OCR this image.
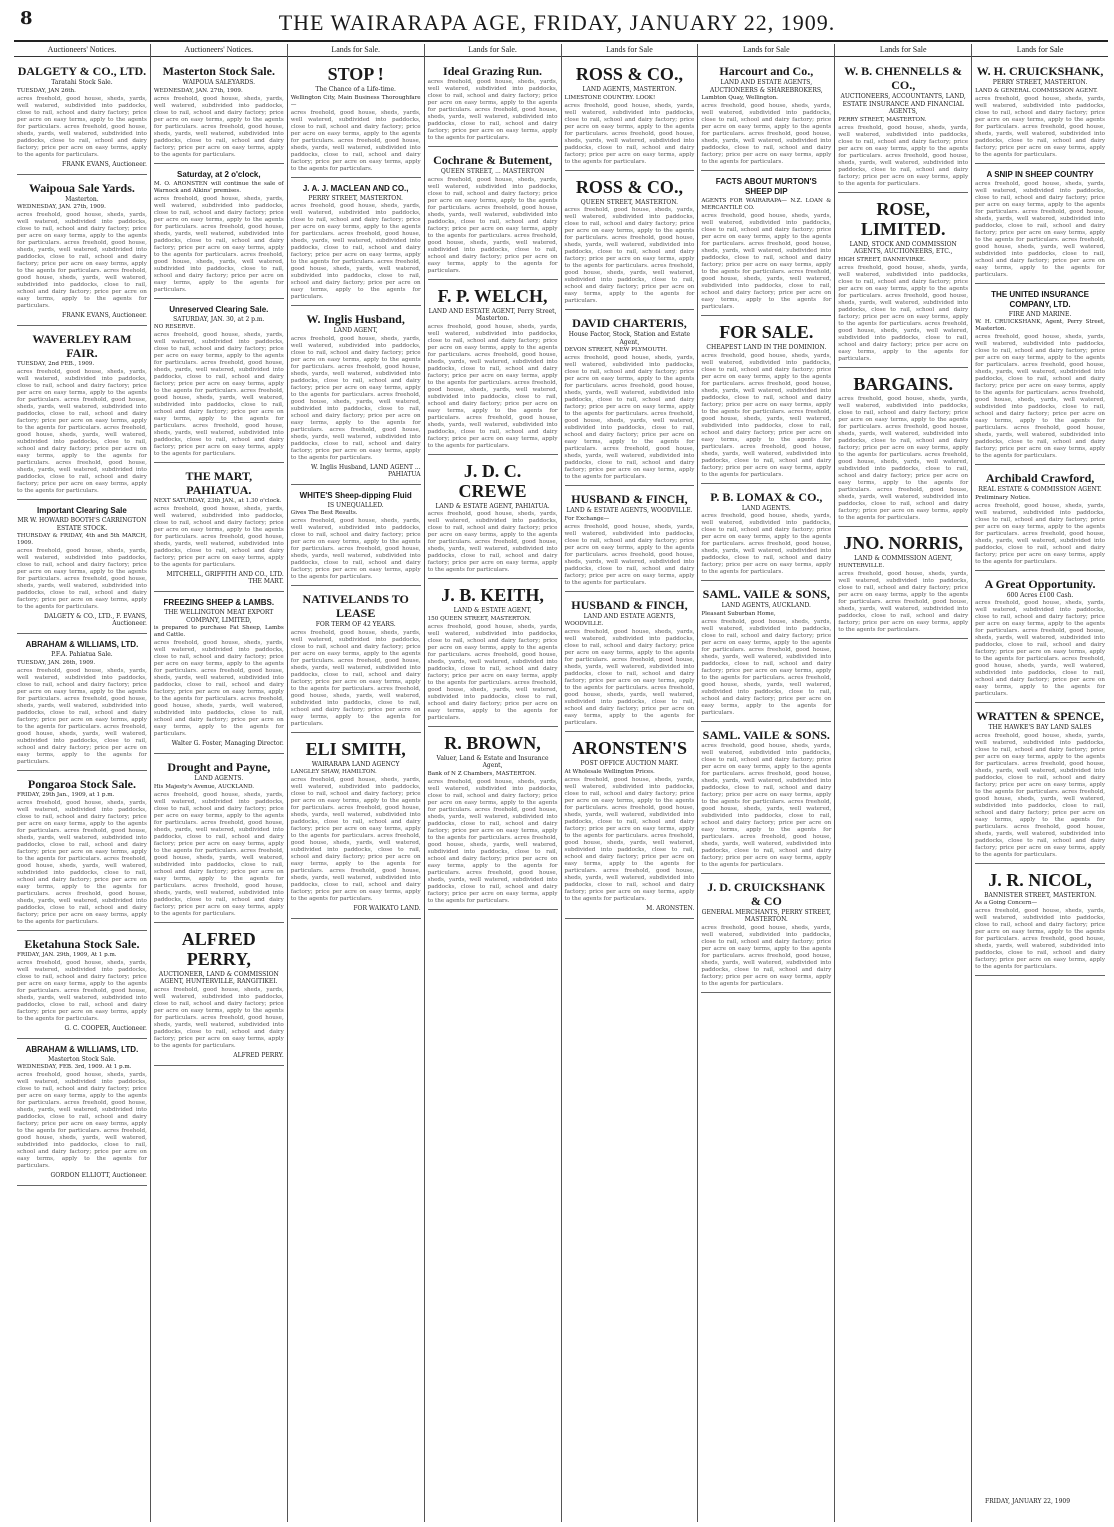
8	THE WAIRARAPA AGE, FRIDAY, JANUARY 22, 1909.
Auctioneers' Notices.
DALGETY & CO., LTD.
Taratahi Stock Sale.
TUESDAY, JAN 26th.

acres freehold, good house, sheds, yards, well watered, subdivided into paddocks, close to rail, school and dairy factory; price per acre on easy terms, apply to the agents for particulars. acres freehold, good house, sheds, yards, well watered, subdivided into paddocks, close to rail, school and dairy factory; price per acre on easy terms, apply to the agents for particulars.

FRANK EVANS, Auctioneer.
Waipoua Sale Yards.
Masterton.
WEDNESDAY, JAN. 27th, 1909.

acres freehold, good house, sheds, yards, well watered, subdivided into paddocks, close to rail, school and dairy factory; price per acre on easy terms, apply to the agents for particulars. acres freehold, good house, sheds, yards, well watered, subdivided into paddocks, close to rail, school and dairy factory; price per acre on easy terms, apply to the agents for particulars. acres freehold, good house, sheds, yards, well watered, subdivided into paddocks, close to rail, school and dairy factory; price per acre on easy terms, apply to the agents for particulars.

FRANK EVANS, Auctioneer.
WAVERLEY RAM FAIR.
TUESDAY, 2nd FEB., 1909.

acres freehold, good house, sheds, yards, well watered, subdivided into paddocks, close to rail, school and dairy factory; price per acre on easy terms, apply to the agents for particulars. acres freehold, good house, sheds, yards, well watered, subdivided into paddocks, close to rail, school and dairy factory; price per acre on easy terms, apply to the agents for particulars. acres freehold, good house, sheds, yards, well watered, subdivided into paddocks, close to rail, school and dairy factory; price per acre on easy terms, apply to the agents for particulars. acres freehold, good house, sheds, yards, well watered, subdivided into paddocks, close to rail, school and dairy factory; price per acre on easy terms, apply to the agents for particulars.

Important Clearing Sale
MR W. HOWARD BOOTH'S CARRINGTON ESTATE STOCK.
THURSDAY & FRIDAY, 4th and 5th MARCH, 1909.

acres freehold, good house, sheds, yards, well watered, subdivided into paddocks, close to rail, school and dairy factory; price per acre on easy terms, apply to the agents for particulars. acres freehold, good house, sheds, yards, well watered, subdivided into paddocks, close to rail, school and dairy factory; price per acre on easy terms, apply to the agents for particulars.

DALGETY & CO., LTD., F. EVANS, Auctioneer.
ABRAHAM & WILLIAMS, LTD.
P.F.A. Pahiatua Sale.
TUESDAY, JAN. 26th, 1909.

acres freehold, good house, sheds, yards, well watered, subdivided into paddocks, close to rail, school and dairy factory; price per acre on easy terms, apply to the agents for particulars. acres freehold, good house, sheds, yards, well watered, subdivided into paddocks, close to rail, school and dairy factory; price per acre on easy terms, apply to the agents for particulars. acres freehold, good house, sheds, yards, well watered, subdivided into paddocks, close to rail, school and dairy factory; price per acre on easy terms, apply to the agents for particulars.

Pongaroa Stock Sale.
FRIDAY, 29th Jan., 1909, at 1 p.m.

acres freehold, good house, sheds, yards, well watered, subdivided into paddocks, close to rail, school and dairy factory; price per acre on easy terms, apply to the agents for particulars. acres freehold, good house, sheds, yards, well watered, subdivided into paddocks, close to rail, school and dairy factory; price per acre on easy terms, apply to the agents for particulars. acres freehold, good house, sheds, yards, well watered, subdivided into paddocks, close to rail, school and dairy factory; price per acre on easy terms, apply to the agents for particulars. acres freehold, good house, sheds, yards, well watered, subdivided into paddocks, close to rail, school and dairy factory; price per acre on easy terms, apply to the agents for particulars.

Eketahuna Stock Sale.
FRIDAY, JAN. 29th, 1909, At 1 p.m.

acres freehold, good house, sheds, yards, well watered, subdivided into paddocks, close to rail, school and dairy factory; price per acre on easy terms, apply to the agents for particulars. acres freehold, good house, sheds, yards, well watered, subdivided into paddocks, close to rail, school and dairy factory; price per acre on easy terms, apply to the agents for particulars.

G. C. COOPER, Auctioneer.
ABRAHAM & WILLIAMS, LTD.
Masterton Stock Sale.
WEDNESDAY, FEB. 3rd, 1909. At 1 p.m.

acres freehold, good house, sheds, yards, well watered, subdivided into paddocks, close to rail, school and dairy factory; price per acre on easy terms, apply to the agents for particulars. acres freehold, good house, sheds, yards, well watered, subdivided into paddocks, close to rail, school and dairy factory; price per acre on easy terms, apply to the agents for particulars. acres freehold, good house, sheds, yards, well watered, subdivided into paddocks, close to rail, school and dairy factory; price per acre on easy terms, apply to the agents for particulars.

GORDON ELLIOTT, Auctioneer.
Auctioneers' Notices.
Masterton Stock Sale.
WAIPOUA SALEYARDS.
WEDNESDAY, JAN. 27th, 1909.

acres freehold, good house, sheds, yards, well watered, subdivided into paddocks, close to rail, school and dairy factory; price per acre on easy terms, apply to the agents for particulars. acres freehold, good house, sheds, yards, well watered, subdivided into paddocks, close to rail, school and dairy factory; price per acre on easy terms, apply to the agents for particulars.

Saturday, at 2 o'clock,
M. O. ARONSTEN will continue the sale of Warnock and Alkins' premises.

acres freehold, good house, sheds, yards, well watered, subdivided into paddocks, close to rail, school and dairy factory; price per acre on easy terms, apply to the agents for particulars. acres freehold, good house, sheds, yards, well watered, subdivided into paddocks, close to rail, school and dairy factory; price per acre on easy terms, apply to the agents for particulars. acres freehold, good house, sheds, yards, well watered, subdivided into paddocks, close to rail, school and dairy factory; price per acre on easy terms, apply to the agents for particulars.

Unreserved Clearing Sale.
SATURDAY, JAN. 30, at 2 p.m.
NO RESERVE.

acres freehold, good house, sheds, yards, well watered, subdivided into paddocks, close to rail, school and dairy factory; price per acre on easy terms, apply to the agents for particulars. acres freehold, good house, sheds, yards, well watered, subdivided into paddocks, close to rail, school and dairy factory; price per acre on easy terms, apply to the agents for particulars. acres freehold, good house, sheds, yards, well watered, subdivided into paddocks, close to rail, school and dairy factory; price per acre on easy terms, apply to the agents for particulars. acres freehold, good house, sheds, yards, well watered, subdivided into paddocks, close to rail, school and dairy factory; price per acre on easy terms, apply to the agents for particulars.

THE MART, PAHIATUA.
NEXT SATURDAY, 23th JAN., at 1.30 o'clock.

acres freehold, good house, sheds, yards, well watered, subdivided into paddocks, close to rail, school and dairy factory; price per acre on easy terms, apply to the agents for particulars. acres freehold, good house, sheds, yards, well watered, subdivided into paddocks, close to rail, school and dairy factory; price per acre on easy terms, apply to the agents for particulars.

MITCHELL, GRIFFITH AND CO., LTD. THE MART.
FREEZING SHEEP & LAMBS.
THE WELLINGTON MEAT EXPORT COMPANY, LIMITED,
is prepared to purchase Fat Sheep, Lambs and Cattle.

acres freehold, good house, sheds, yards, well watered, subdivided into paddocks, close to rail, school and dairy factory; price per acre on easy terms, apply to the agents for particulars. acres freehold, good house, sheds, yards, well watered, subdivided into paddocks, close to rail, school and dairy factory; price per acre on easy terms, apply to the agents for particulars. acres freehold, good house, sheds, yards, well watered, subdivided into paddocks, close to rail, school and dairy factory; price per acre on easy terms, apply to the agents for particulars.

Walter G. Foster, Managing Director.
Drought and Payne,
LAND AGENTS.
His Majesty's Avenue, AUCKLAND.

acres freehold, good house, sheds, yards, well watered, subdivided into paddocks, close to rail, school and dairy factory; price per acre on easy terms, apply to the agents for particulars. acres freehold, good house, sheds, yards, well watered, subdivided into paddocks, close to rail, school and dairy factory; price per acre on easy terms, apply to the agents for particulars. acres freehold, good house, sheds, yards, well watered, subdivided into paddocks, close to rail, school and dairy factory; price per acre on easy terms, apply to the agents for particulars. acres freehold, good house, sheds, yards, well watered, subdivided into paddocks, close to rail, school and dairy factory; price per acre on easy terms, apply to the agents for particulars.

ALFRED PERRY,
AUCTIONEER, LAND & COMMISSION AGENT, HUNTERVILLE, RANGITIKEI.

acres freehold, good house, sheds, yards, well watered, subdivided into paddocks, close to rail, school and dairy factory; price per acre on easy terms, apply to the agents for particulars. acres freehold, good house, sheds, yards, well watered, subdivided into paddocks, close to rail, school and dairy factory; price per acre on easy terms, apply to the agents for particulars.

ALFRED PERRY.
Lands for Sale.
STOP !
The Chance of a Life-time.
Wellington City, Main Business Thoroughfare—

acres freehold, good house, sheds, yards, well watered, subdivided into paddocks, close to rail, school and dairy factory; price per acre on easy terms, apply to the agents for particulars. acres freehold, good house, sheds, yards, well watered, subdivided into paddocks, close to rail, school and dairy factory; price per acre on easy terms, apply to the agents for particulars.

J. A. J. MACLEAN AND CO.,
PERRY STREET, MASTERTON.

acres freehold, good house, sheds, yards, well watered, subdivided into paddocks, close to rail, school and dairy factory; price per acre on easy terms, apply to the agents for particulars. acres freehold, good house, sheds, yards, well watered, subdivided into paddocks, close to rail, school and dairy factory; price per acre on easy terms, apply to the agents for particulars. acres freehold, good house, sheds, yards, well watered, subdivided into paddocks, close to rail, school and dairy factory; price per acre on easy terms, apply to the agents for particulars.

W. Inglis Husband,
LAND AGENT,

acres freehold, good house, sheds, yards, well watered, subdivided into paddocks, close to rail, school and dairy factory; price per acre on easy terms, apply to the agents for particulars. acres freehold, good house, sheds, yards, well watered, subdivided into paddocks, close to rail, school and dairy factory; price per acre on easy terms, apply to the agents for particulars. acres freehold, good house, sheds, yards, well watered, subdivided into paddocks, close to rail, school and dairy factory; price per acre on easy terms, apply to the agents for particulars. acres freehold, good house, sheds, yards, well watered, subdivided into paddocks, close to rail, school and dairy factory; price per acre on easy terms, apply to the agents for particulars.

W. Inglis Husband, LAND AGENT ... PAHIATUA
WHITE'S Sheep-dipping Fluid
IS UNEQUALLED.
Gives The Best Results.

acres freehold, good house, sheds, yards, well watered, subdivided into paddocks, close to rail, school and dairy factory; price per acre on easy terms, apply to the agents for particulars. acres freehold, good house, sheds, yards, well watered, subdivided into paddocks, close to rail, school and dairy factory; price per acre on easy terms, apply to the agents for particulars.

NATIVELANDS TO LEASE
FOR TERM OF 42 YEARS.

acres freehold, good house, sheds, yards, well watered, subdivided into paddocks, close to rail, school and dairy factory; price per acre on easy terms, apply to the agents for particulars. acres freehold, good house, sheds, yards, well watered, subdivided into paddocks, close to rail, school and dairy factory; price per acre on easy terms, apply to the agents for particulars. acres freehold, good house, sheds, yards, well watered, subdivided into paddocks, close to rail, school and dairy factory; price per acre on easy terms, apply to the agents for particulars.

ELI SMITH,
WAIRARAPA LAND AGENCY
LANGLEY SHAW, HAMILTON.

acres freehold, good house, sheds, yards, well watered, subdivided into paddocks, close to rail, school and dairy factory; price per acre on easy terms, apply to the agents for particulars. acres freehold, good house, sheds, yards, well watered, subdivided into paddocks, close to rail, school and dairy factory; price per acre on easy terms, apply to the agents for particulars. acres freehold, good house, sheds, yards, well watered, subdivided into paddocks, close to rail, school and dairy factory; price per acre on easy terms, apply to the agents for particulars. acres freehold, good house, sheds, yards, well watered, subdivided into paddocks, close to rail, school and dairy factory; price per acre on easy terms, apply to the agents for particulars.

FOR WAIKATO LAND.
Lands for Sale.
Ideal Grazing Run.

acres freehold, good house, sheds, yards, well watered, subdivided into paddocks, close to rail, school and dairy factory; price per acre on easy terms, apply to the agents for particulars. acres freehold, good house, sheds, yards, well watered, subdivided into paddocks, close to rail, school and dairy factory; price per acre on easy terms, apply to the agents for particulars.

Cochrane & Butement,
QUEEN STREET, ... MASTERTON

acres freehold, good house, sheds, yards, well watered, subdivided into paddocks, close to rail, school and dairy factory; price per acre on easy terms, apply to the agents for particulars. acres freehold, good house, sheds, yards, well watered, subdivided into paddocks, close to rail, school and dairy factory; price per acre on easy terms, apply to the agents for particulars. acres freehold, good house, sheds, yards, well watered, subdivided into paddocks, close to rail, school and dairy factory; price per acre on easy terms, apply to the agents for particulars.

F. P. WELCH,
LAND AND ESTATE AGENT, Perry Street, Masterton.

acres freehold, good house, sheds, yards, well watered, subdivided into paddocks, close to rail, school and dairy factory; price per acre on easy terms, apply to the agents for particulars. acres freehold, good house, sheds, yards, well watered, subdivided into paddocks, close to rail, school and dairy factory; price per acre on easy terms, apply to the agents for particulars. acres freehold, good house, sheds, yards, well watered, subdivided into paddocks, close to rail, school and dairy factory; price per acre on easy terms, apply to the agents for particulars. acres freehold, good house, sheds, yards, well watered, subdivided into paddocks, close to rail, school and dairy factory; price per acre on easy terms, apply to the agents for particulars.

J. D. C. CREWE
LAND & ESTATE AGENT, PAHIATUA.

acres freehold, good house, sheds, yards, well watered, subdivided into paddocks, close to rail, school and dairy factory; price per acre on easy terms, apply to the agents for particulars. acres freehold, good house, sheds, yards, well watered, subdivided into paddocks, close to rail, school and dairy factory; price per acre on easy terms, apply to the agents for particulars.

J. B. KEITH,
LAND & ESTATE AGENT,
150 QUEEN STREET, MASTERTON.

acres freehold, good house, sheds, yards, well watered, subdivided into paddocks, close to rail, school and dairy factory; price per acre on easy terms, apply to the agents for particulars. acres freehold, good house, sheds, yards, well watered, subdivided into paddocks, close to rail, school and dairy factory; price per acre on easy terms, apply to the agents for particulars. acres freehold, good house, sheds, yards, well watered, subdivided into paddocks, close to rail, school and dairy factory; price per acre on easy terms, apply to the agents for particulars.

R. BROWN,
Valuer, Land & Estate and Insurance Agent,
Bank of N Z Chambers, MASTERTON.

acres freehold, good house, sheds, yards, well watered, subdivided into paddocks, close to rail, school and dairy factory; price per acre on easy terms, apply to the agents for particulars. acres freehold, good house, sheds, yards, well watered, subdivided into paddocks, close to rail, school and dairy factory; price per acre on easy terms, apply to the agents for particulars. acres freehold, good house, sheds, yards, well watered, subdivided into paddocks, close to rail, school and dairy factory; price per acre on easy terms, apply to the agents for particulars. acres freehold, good house, sheds, yards, well watered, subdivided into paddocks, close to rail, school and dairy factory; price per acre on easy terms, apply to the agents for particulars.

Lands for Sale
ROSS & CO.,
LAND AGENTS, MASTERTON.
LIMESTONE COUNTRY. LOOK!

acres freehold, good house, sheds, yards, well watered, subdivided into paddocks, close to rail, school and dairy factory; price per acre on easy terms, apply to the agents for particulars. acres freehold, good house, sheds, yards, well watered, subdivided into paddocks, close to rail, school and dairy factory; price per acre on easy terms, apply to the agents for particulars.

ROSS & CO.,
QUEEN STREET, MASTERTON.

acres freehold, good house, sheds, yards, well watered, subdivided into paddocks, close to rail, school and dairy factory; price per acre on easy terms, apply to the agents for particulars. acres freehold, good house, sheds, yards, well watered, subdivided into paddocks, close to rail, school and dairy factory; price per acre on easy terms, apply to the agents for particulars. acres freehold, good house, sheds, yards, well watered, subdivided into paddocks, close to rail, school and dairy factory; price per acre on easy terms, apply to the agents for particulars.

DAVID CHARTERIS,
House Factor, Stock, Station and Estate Agent,
DEVON STREET, NEW PLYMOUTH.

acres freehold, good house, sheds, yards, well watered, subdivided into paddocks, close to rail, school and dairy factory; price per acre on easy terms, apply to the agents for particulars. acres freehold, good house, sheds, yards, well watered, subdivided into paddocks, close to rail, school and dairy factory; price per acre on easy terms, apply to the agents for particulars. acres freehold, good house, sheds, yards, well watered, subdivided into paddocks, close to rail, school and dairy factory; price per acre on easy terms, apply to the agents for particulars. acres freehold, good house, sheds, yards, well watered, subdivided into paddocks, close to rail, school and dairy factory; price per acre on easy terms, apply to the agents for particulars.

HUSBAND & FINCH,
LAND & ESTATE AGENTS, WOODVILLE.
For Exchange—

acres freehold, good house, sheds, yards, well watered, subdivided into paddocks, close to rail, school and dairy factory; price per acre on easy terms, apply to the agents for particulars. acres freehold, good house, sheds, yards, well watered, subdivided into paddocks, close to rail, school and dairy factory; price per acre on easy terms, apply to the agents for particulars.

HUSBAND & FINCH,
LAND AND ESTATE AGENTS,
WOODVILLE.

acres freehold, good house, sheds, yards, well watered, subdivided into paddocks, close to rail, school and dairy factory; price per acre on easy terms, apply to the agents for particulars. acres freehold, good house, sheds, yards, well watered, subdivided into paddocks, close to rail, school and dairy factory; price per acre on easy terms, apply to the agents for particulars. acres freehold, good house, sheds, yards, well watered, subdivided into paddocks, close to rail, school and dairy factory; price per acre on easy terms, apply to the agents for particulars.

ARONSTEN'S
POST OFFICE AUCTION MART.
At Wholesale Wellington Prices.

acres freehold, good house, sheds, yards, well watered, subdivided into paddocks, close to rail, school and dairy factory; price per acre on easy terms, apply to the agents for particulars. acres freehold, good house, sheds, yards, well watered, subdivided into paddocks, close to rail, school and dairy factory; price per acre on easy terms, apply to the agents for particulars. acres freehold, good house, sheds, yards, well watered, subdivided into paddocks, close to rail, school and dairy factory; price per acre on easy terms, apply to the agents for particulars. acres freehold, good house, sheds, yards, well watered, subdivided into paddocks, close to rail, school and dairy factory; price per acre on easy terms, apply to the agents for particulars.

M. ARONSTEN.
Lands for Sale
Harcourt and Co.,
LAND AND ESTATE AGENTS, AUCTIONEERS & SHAREBROKERS,
Lambton Quay, Wellington.

acres freehold, good house, sheds, yards, well watered, subdivided into paddocks, close to rail, school and dairy factory; price per acre on easy terms, apply to the agents for particulars. acres freehold, good house, sheds, yards, well watered, subdivided into paddocks, close to rail, school and dairy factory; price per acre on easy terms, apply to the agents for particulars.

FACTS ABOUT MURTON'S SHEEP DIP
AGENTS FOR WAIRARAPA— N.Z. LOAN & MERCANTILE CO.

acres freehold, good house, sheds, yards, well watered, subdivided into paddocks, close to rail, school and dairy factory; price per acre on easy terms, apply to the agents for particulars. acres freehold, good house, sheds, yards, well watered, subdivided into paddocks, close to rail, school and dairy factory; price per acre on easy terms, apply to the agents for particulars. acres freehold, good house, sheds, yards, well watered, subdivided into paddocks, close to rail, school and dairy factory; price per acre on easy terms, apply to the agents for particulars.

FOR SALE.
CHEAPEST LAND IN THE DOMINION.

acres freehold, good house, sheds, yards, well watered, subdivided into paddocks, close to rail, school and dairy factory; price per acre on easy terms, apply to the agents for particulars. acres freehold, good house, sheds, yards, well watered, subdivided into paddocks, close to rail, school and dairy factory; price per acre on easy terms, apply to the agents for particulars. acres freehold, good house, sheds, yards, well watered, subdivided into paddocks, close to rail, school and dairy factory; price per acre on easy terms, apply to the agents for particulars. acres freehold, good house, sheds, yards, well watered, subdivided into paddocks, close to rail, school and dairy factory; price per acre on easy terms, apply to the agents for particulars.

P. B. LOMAX & CO.,
LAND AGENTS.

acres freehold, good house, sheds, yards, well watered, subdivided into paddocks, close to rail, school and dairy factory; price per acre on easy terms, apply to the agents for particulars. acres freehold, good house, sheds, yards, well watered, subdivided into paddocks, close to rail, school and dairy factory; price per acre on easy terms, apply to the agents for particulars.

SAML. VAILE & SONS,
LAND AGENTS, AUCKLAND.
Pleasant Suburban Home,

acres freehold, good house, sheds, yards, well watered, subdivided into paddocks, close to rail, school and dairy factory; price per acre on easy terms, apply to the agents for particulars. acres freehold, good house, sheds, yards, well watered, subdivided into paddocks, close to rail, school and dairy factory; price per acre on easy terms, apply to the agents for particulars. acres freehold, good house, sheds, yards, well watered, subdivided into paddocks, close to rail, school and dairy factory; price per acre on easy terms, apply to the agents for particulars.

SAML. VAILE & SONS.

acres freehold, good house, sheds, yards, well watered, subdivided into paddocks, close to rail, school and dairy factory; price per acre on easy terms, apply to the agents for particulars. acres freehold, good house, sheds, yards, well watered, subdivided into paddocks, close to rail, school and dairy factory; price per acre on easy terms, apply to the agents for particulars. acres freehold, good house, sheds, yards, well watered, subdivided into paddocks, close to rail, school and dairy factory; price per acre on easy terms, apply to the agents for particulars. acres freehold, good house, sheds, yards, well watered, subdivided into paddocks, close to rail, school and dairy factory; price per acre on easy terms, apply to the agents for particulars.

J. D. CRUICKSHANK & CO
GENERAL MERCHANTS, PERRY STREET, MASTERTON.

acres freehold, good house, sheds, yards, well watered, subdivided into paddocks, close to rail, school and dairy factory; price per acre on easy terms, apply to the agents for particulars. acres freehold, good house, sheds, yards, well watered, subdivided into paddocks, close to rail, school and dairy factory; price per acre on easy terms, apply to the agents for particulars.

Lands for Sale
W. B. CHENNELLS & CO.,
AUCTIONEERS, ACCOUNTANTS, LAND, ESTATE INSURANCE AND FINANCIAL AGENTS,
PERRY STREET, MASTERTON.

acres freehold, good house, sheds, yards, well watered, subdivided into paddocks, close to rail, school and dairy factory; price per acre on easy terms, apply to the agents for particulars. acres freehold, good house, sheds, yards, well watered, subdivided into paddocks, close to rail, school and dairy factory; price per acre on easy terms, apply to the agents for particulars.

ROSE, LIMITED.
LAND, STOCK AND COMMISSION AGENTS, AUCTIONEERS, ETC.,
HIGH STREET, DANNEVIRKE.

acres freehold, good house, sheds, yards, well watered, subdivided into paddocks, close to rail, school and dairy factory; price per acre on easy terms, apply to the agents for particulars. acres freehold, good house, sheds, yards, well watered, subdivided into paddocks, close to rail, school and dairy factory; price per acre on easy terms, apply to the agents for particulars. acres freehold, good house, sheds, yards, well watered, subdivided into paddocks, close to rail, school and dairy factory; price per acre on easy terms, apply to the agents for particulars.

BARGAINS.

acres freehold, good house, sheds, yards, well watered, subdivided into paddocks, close to rail, school and dairy factory; price per acre on easy terms, apply to the agents for particulars. acres freehold, good house, sheds, yards, well watered, subdivided into paddocks, close to rail, school and dairy factory; price per acre on easy terms, apply to the agents for particulars. acres freehold, good house, sheds, yards, well watered, subdivided into paddocks, close to rail, school and dairy factory; price per acre on easy terms, apply to the agents for particulars. acres freehold, good house, sheds, yards, well watered, subdivided into paddocks, close to rail, school and dairy factory; price per acre on easy terms, apply to the agents for particulars.

JNO. NORRIS,
LAND & COMMISSION AGENT,
HUNTERVILLE.

acres freehold, good house, sheds, yards, well watered, subdivided into paddocks, close to rail, school and dairy factory; price per acre on easy terms, apply to the agents for particulars. acres freehold, good house, sheds, yards, well watered, subdivided into paddocks, close to rail, school and dairy factory; price per acre on easy terms, apply to the agents for particulars.

Lands for Sale
W. H. CRUICKSHANK,
PERRY STREET, MASTERTON.
LAND & GENERAL COMMISSION AGENT.

acres freehold, good house, sheds, yards, well watered, subdivided into paddocks, close to rail, school and dairy factory; price per acre on easy terms, apply to the agents for particulars. acres freehold, good house, sheds, yards, well watered, subdivided into paddocks, close to rail, school and dairy factory; price per acre on easy terms, apply to the agents for particulars.

A SNIP IN SHEEP COUNTRY

acres freehold, good house, sheds, yards, well watered, subdivided into paddocks, close to rail, school and dairy factory; price per acre on easy terms, apply to the agents for particulars. acres freehold, good house, sheds, yards, well watered, subdivided into paddocks, close to rail, school and dairy factory; price per acre on easy terms, apply to the agents for particulars. acres freehold, good house, sheds, yards, well watered, subdivided into paddocks, close to rail, school and dairy factory; price per acre on easy terms, apply to the agents for particulars.

THE UNITED INSURANCE COMPANY, LTD.
FIRE AND MARINE.
W. H. CRUICKSHANK, Agent, Perry Street, Masterton.

acres freehold, good house, sheds, yards, well watered, subdivided into paddocks, close to rail, school and dairy factory; price per acre on easy terms, apply to the agents for particulars. acres freehold, good house, sheds, yards, well watered, subdivided into paddocks, close to rail, school and dairy factory; price per acre on easy terms, apply to the agents for particulars. acres freehold, good house, sheds, yards, well watered, subdivided into paddocks, close to rail, school and dairy factory; price per acre on easy terms, apply to the agents for particulars. acres freehold, good house, sheds, yards, well watered, subdivided into paddocks, close to rail, school and dairy factory; price per acre on easy terms, apply to the agents for particulars.

Archibald Crawford,
REAL ESTATE & COMMISSION AGENT.
Preliminary Notice.

acres freehold, good house, sheds, yards, well watered, subdivided into paddocks, close to rail, school and dairy factory; price per acre on easy terms, apply to the agents for particulars. acres freehold, good house, sheds, yards, well watered, subdivided into paddocks, close to rail, school and dairy factory; price per acre on easy terms, apply to the agents for particulars.

A Great Opportunity.
600 Acres £100 Cash.

acres freehold, good house, sheds, yards, well watered, subdivided into paddocks, close to rail, school and dairy factory; price per acre on easy terms, apply to the agents for particulars. acres freehold, good house, sheds, yards, well watered, subdivided into paddocks, close to rail, school and dairy factory; price per acre on easy terms, apply to the agents for particulars. acres freehold, good house, sheds, yards, well watered, subdivided into paddocks, close to rail, school and dairy factory; price per acre on easy terms, apply to the agents for particulars.

WRATTEN & SPENCE,
THE HAWKE'S BAY LAND SALES

acres freehold, good house, sheds, yards, well watered, subdivided into paddocks, close to rail, school and dairy factory; price per acre on easy terms, apply to the agents for particulars. acres freehold, good house, sheds, yards, well watered, subdivided into paddocks, close to rail, school and dairy factory; price per acre on easy terms, apply to the agents for particulars. acres freehold, good house, sheds, yards, well watered, subdivided into paddocks, close to rail, school and dairy factory; price per acre on easy terms, apply to the agents for particulars. acres freehold, good house, sheds, yards, well watered, subdivided into paddocks, close to rail, school and dairy factory; price per acre on easy terms, apply to the agents for particulars.

J. R. NICOL,
BANNISTER STREET, MASTERTON.
As a Going Concern—

acres freehold, good house, sheds, yards, well watered, subdivided into paddocks, close to rail, school and dairy factory; price per acre on easy terms, apply to the agents for particulars. acres freehold, good house, sheds, yards, well watered, subdivided into paddocks, close to rail, school and dairy factory; price per acre on easy terms, apply to the agents for particulars.

FRIDAY, JANUARY 22, 1909
